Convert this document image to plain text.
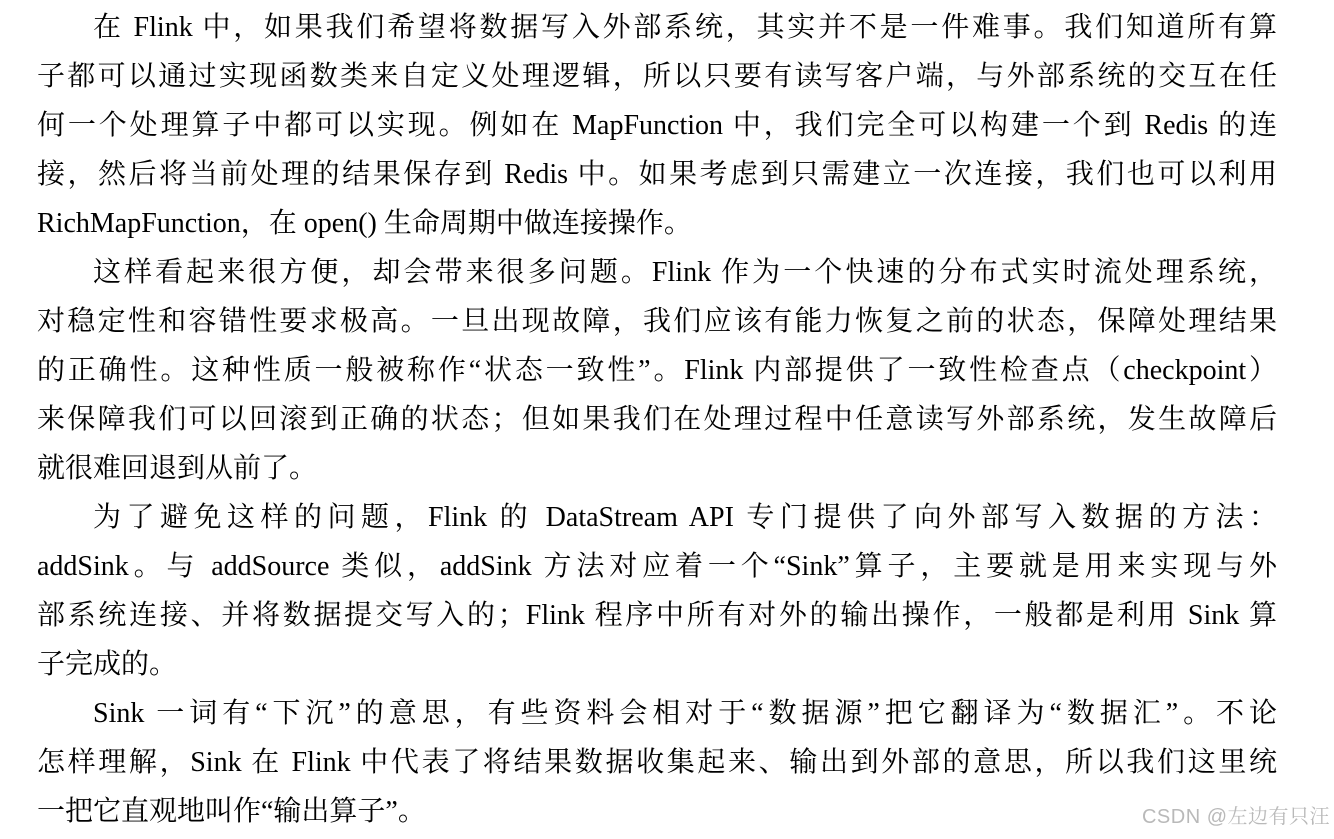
在 Flink 中，如果我们希望将数据写入外部系统，其实并不是一件难事。我们知道所有算
子都可以通过实现函数类来自定义处理逻辑，所以只要有读写客户端，与外部系统的交互在任
何一个处理算子中都可以实现。例如在 MapFunction 中，我们完全可以构建一个到 Redis 的连
接，然后将当前处理的结果保存到 Redis 中。如果考虑到只需建立一次连接，我们也可以利用
RichMapFunction，在 open() 生命周期中做连接操作。
这样看起来很方便，却会带来很多问题。Flink 作为一个快速的分布式实时流处理系统，
对稳定性和容错性要求极高。一旦出现故障，我们应该有能力恢复之前的状态，保障处理结果
的正确性。这种性质一般被称作“状态一致性”。Flink 内部提供了一致性检查点（checkpoint）
来保障我们可以回滚到正确的状态；但如果我们在处理过程中任意读写外部系统，发生故障后
就很难回退到从前了。
为了避免这样的问题，Flink 的 DataStream API 专门提供了向外部写入数据的方法：
addSink。与 addSource 类似，addSink 方法对应着一个“Sink”算子，主要就是用来实现与外
部系统连接、并将数据提交写入的；Flink 程序中所有对外的输出操作，一般都是利用 Sink 算
子完成的。
Sink 一词有“下沉”的意思，有些资料会相对于“数据源”把它翻译为“数据汇”。不论
怎样理解，Sink 在 Flink 中代表了将结果数据收集起来、输出到外部的意思，所以我们这里统
一把它直观地叫作“输出算子”。	CSDN @左边有只汪
